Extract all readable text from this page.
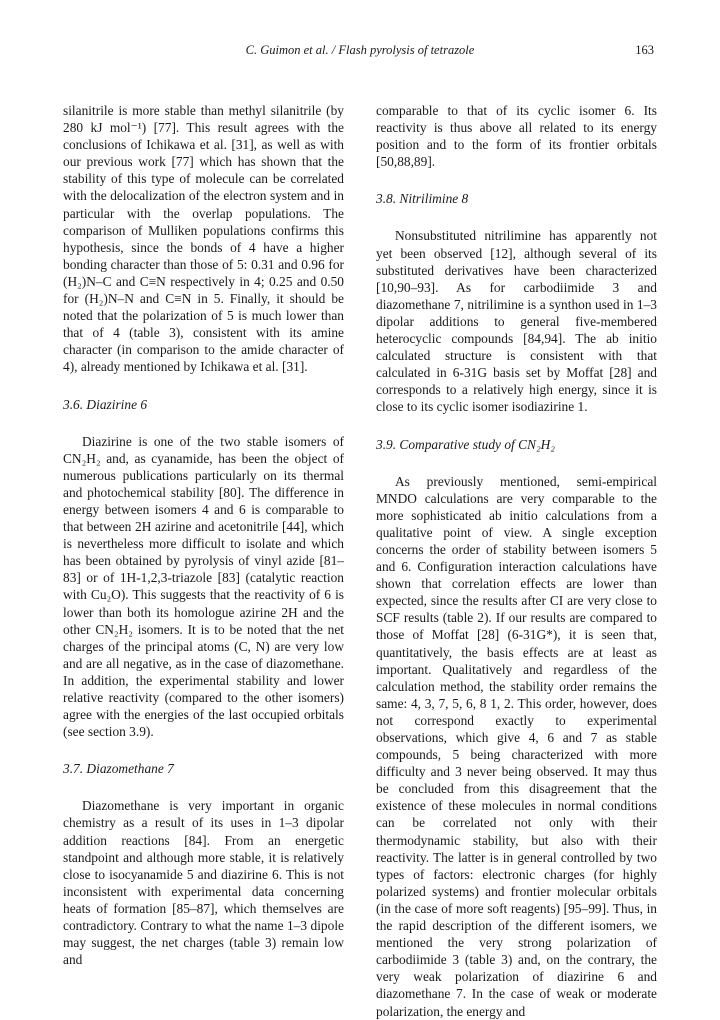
C. Guimon et al. / Flash pyrolysis of tetrazole	163

silanitrile is more stable than methyl silanitrile (by 280 kJ mol⁻¹) [77]. This result agrees with the conclusions of Ichikawa et al. [31], as well as with our previous work [77] which has shown that the stability of this type of molecule can be correlated with the delocalization of the electron system and in particular with the overlap populations. The comparison of Mulliken populations confirms this hypothesis, since the bonds of 4 have a higher bonding character than those of 5: 0.31 and 0.96 for (H₂)N–C and C≡N respectively in 4; 0.25 and 0.50 for (H₂)N–N and C≡N in 5. Finally, it should be noted that the polarization of 5 is much lower than that of 4 (table 3), consistent with its amine character (in comparison to the amide character of 4), already mentioned by Ichikawa et al. [31].

3.6. Diazirine 6

Diazirine is one of the two stable isomers of CN₂H₂ and, as cyanamide, has been the object of numerous publications particularly on its thermal and photochemical stability [80]. The difference in energy between isomers 4 and 6 is comparable to that between 2H azirine and acetonitrile [44], which is nevertheless more difficult to isolate and which has been obtained by pyrolysis of vinyl azide [81–83] or of 1H-1,2,3-triazole [83] (catalytic reaction with Cu₂O). This suggests that the reactivity of 6 is lower than both its homologue azirine 2H and the other CN₂H₂ isomers. It is to be noted that the net charges of the principal atoms (C, N) are very low and are all negative, as in the case of diazomethane. In addition, the experimental stability and lower relative reactivity (compared to the other isomers) agree with the energies of the last occupied orbitals (see section 3.9).

3.7. Diazomethane 7

Diazomethane is very important in organic chemistry as a result of its uses in 1–3 dipolar addition reactions [84]. From an energetic standpoint and although more stable, it is relatively close to isocyanamide 5 and diazirine 6. This is not inconsistent with experimental data concerning heats of formation [85–87], which themselves are contradictory. Contrary to what the name 1–3 dipole may suggest, the net charges (table 3) remain low and

comparable to that of its cyclic isomer 6. Its reactivity is thus above all related to its energy position and to the form of its frontier orbitals [50,88,89].

3.8. Nitrilimine 8

Nonsubstituted nitrilimine has apparently not yet been observed [12], although several of its substituted derivatives have been characterized [10,90–93]. As for carbodiimide 3 and diazomethane 7, nitrilimine is a synthon used in 1–3 dipolar additions to general five-membered heterocyclic compounds [84,94]. The ab initio calculated structure is consistent with that calculated in 6-31G basis set by Moffat [28] and corresponds to a relatively high energy, since it is close to its cyclic isomer isodiazirine 1.

3.9. Comparative study of CN₂H₂

As previously mentioned, semi-empirical MNDO calculations are very comparable to the more sophisticated ab initio calculations from a qualitative point of view. A single exception concerns the order of stability between isomers 5 and 6. Configuration interaction calculations have shown that correlation effects are lower than expected, since the results after CI are very close to SCF results (table 2). If our results are compared to those of Moffat [28] (6-31G*), it is seen that, quantitatively, the basis effects are at least as important. Qualitatively and regardless of the calculation method, the stability order remains the same: 4, 3, 7, 5, 6, 8 1, 2. This order, however, does not correspond exactly to experimental observations, which give 4, 6 and 7 as stable compounds, 5 being characterized with more difficulty and 3 never being observed. It may thus be concluded from this disagreement that the existence of these molecules in normal conditions can be correlated not only with their thermodynamic stability, but also with their reactivity. The latter is in general controlled by two types of factors: electronic charges (for highly polarized systems) and frontier molecular orbitals (in the case of more soft reagents) [95–99]. Thus, in the rapid description of the different isomers, we mentioned the very strong polarization of carbodiimide 3 (table 3) and, on the contrary, the very weak polarization of diazirine 6 and diazomethane 7. In the case of weak or moderate polarization, the energy and
